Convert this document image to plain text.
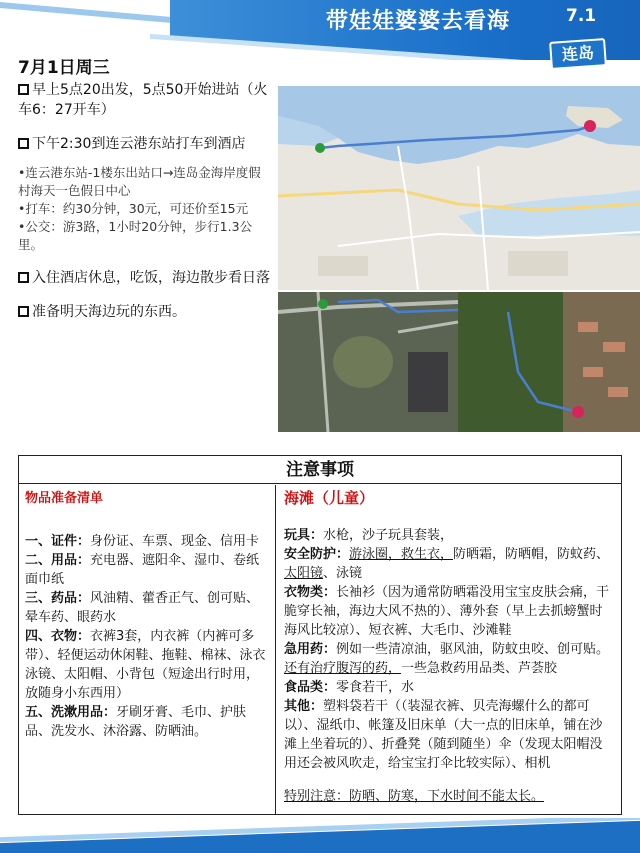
带娃娃婆婆去看海	7.1
连岛
7月1日周三
早上5点20出发，5点50开始进站（火车6：27开车）
下午2:30到连云港东站打车到酒店
•连云港东站-1楼东出站口→连岛金海岸度假村海天一色假日中心
•打车：约30分钟，30元，可还价至15元
•公交：游3路，1小时20分钟，步行1.3公里。
入住酒店休息，吃饭，海边散步看日落
准备明天海边玩的东西。
注意事项
物品准备清单
一、证件：身份证、车票、现金、信用卡
二、用品：充电器、遮阳伞、湿巾、卷纸面巾纸
三、药品：风油精、藿香正气、创可贴、晕车药、眼药水
四、衣物：衣裤3套，内衣裤（内裤可多带）、轻便运动休闲鞋、拖鞋、棉袜、泳衣泳镜、太阳帽、小背包（短途出行时用，放随身小东西用）
五、洗漱用品：牙刷牙膏、毛巾、护肤品、洗发水、沐浴露、防晒油。
海滩（儿童）
玩具：水枪，沙子玩具套装，
安全防护：游泳圈，救生衣，防晒霜，防晒帽，防蚊药、太阳镜、泳镜
衣物类：长袖衫（因为通常防晒霜没用宝宝皮肤会痛，干脆穿长袖，海边大风不热的）、薄外套（早上去抓螃蟹时海风比较凉）、短衣裤、大毛巾、沙滩鞋
急用药：例如一些清凉油，驱风油，防蚊虫咬、创可贴。还有治疗腹泻的药，一些急救药用品类、芦荟胶
食品类：零食若干，水
其他：塑料袋若干（（装湿衣裤、贝壳海螺什么的都可以）、湿纸巾、帐篷及旧床单（大一点的旧床单，铺在沙滩上坐着玩的）、折叠凳（随到随坐）伞（发现太阳帽没用还会被风吹走，给宝宝打伞比较实际）、相机
特别注意：防晒、防寒，下水时间不能太长。
